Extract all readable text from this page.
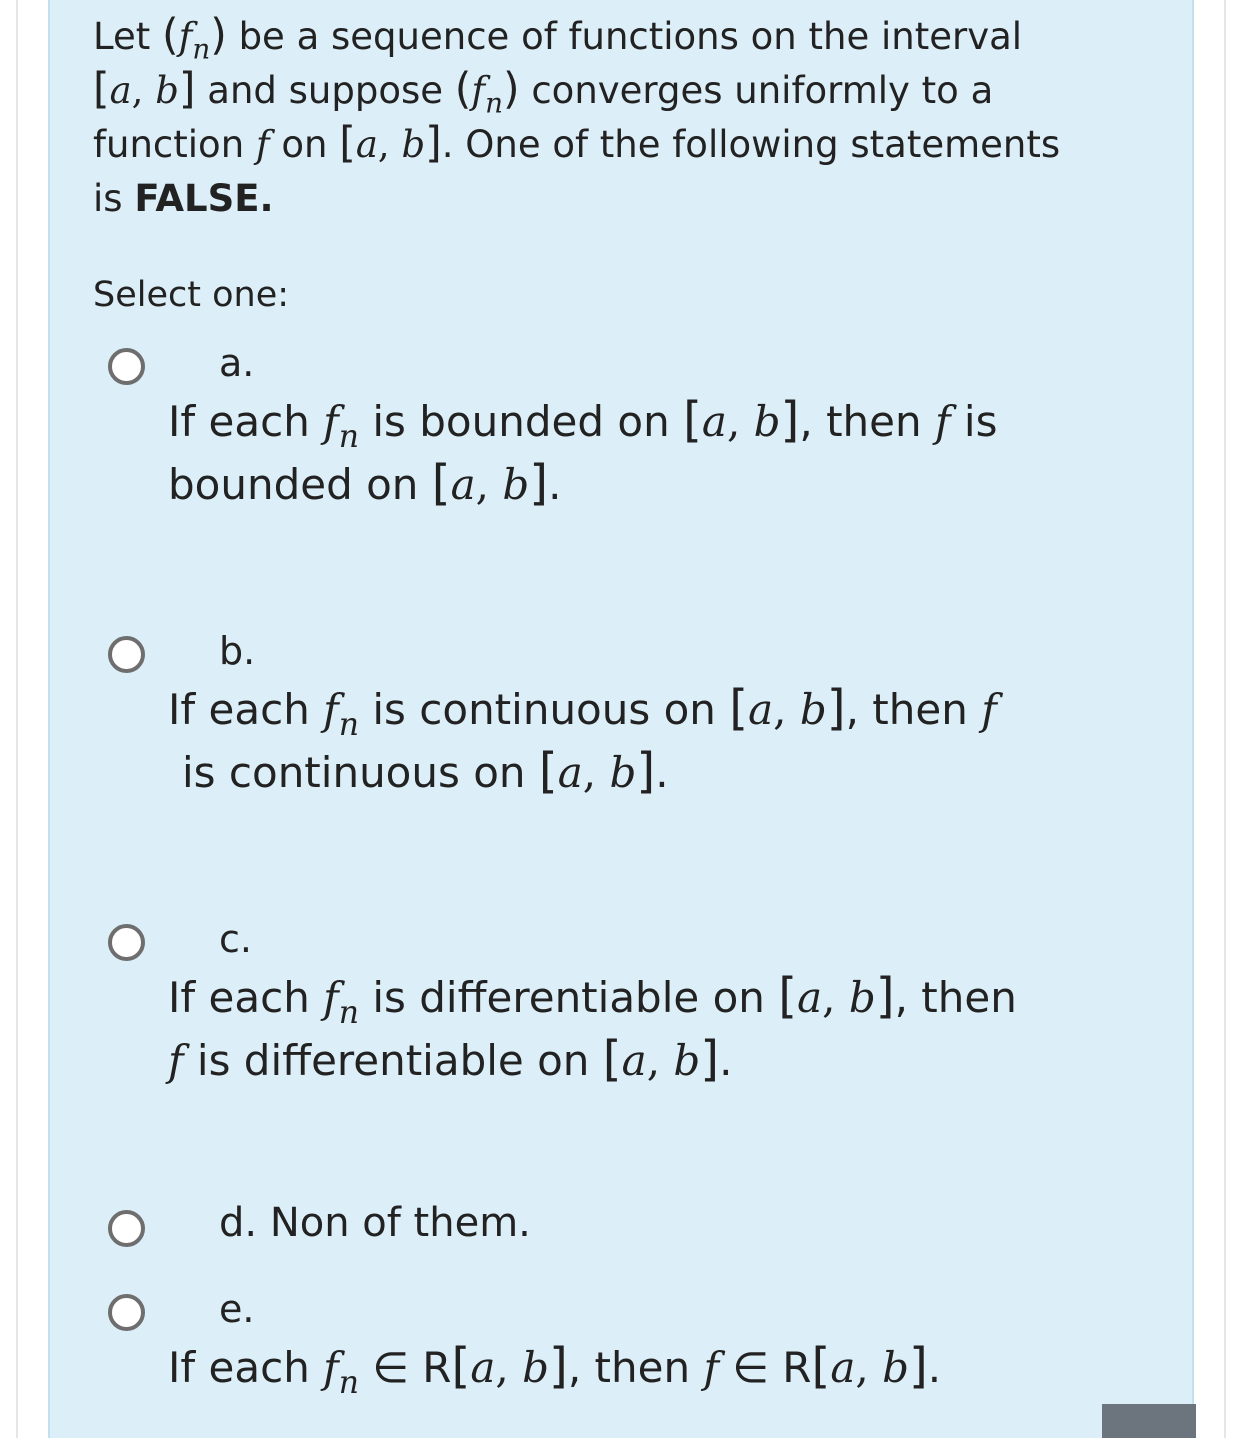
Let $(f_n)$ be a sequence of functions on the interval
[a, b] and suppose $(f_n)$ converges uniformly to a
function f on [a, b]. One of the following statements
is FALSE.
Select one:
a.
If each $f_n$ is bounded on [a, b], then f is
bounded on [a, b].
b.
If each $f_n$ is continuous on [a, b], then f
is continuous on [a, b].
c.
If each $f_n$ is differentiable on [a, b], then
f is differentiable on [a, b].
d. Non of them.
e.
If each $f_n$ ∈ R[a, b], then f ∈ R[a, b].
